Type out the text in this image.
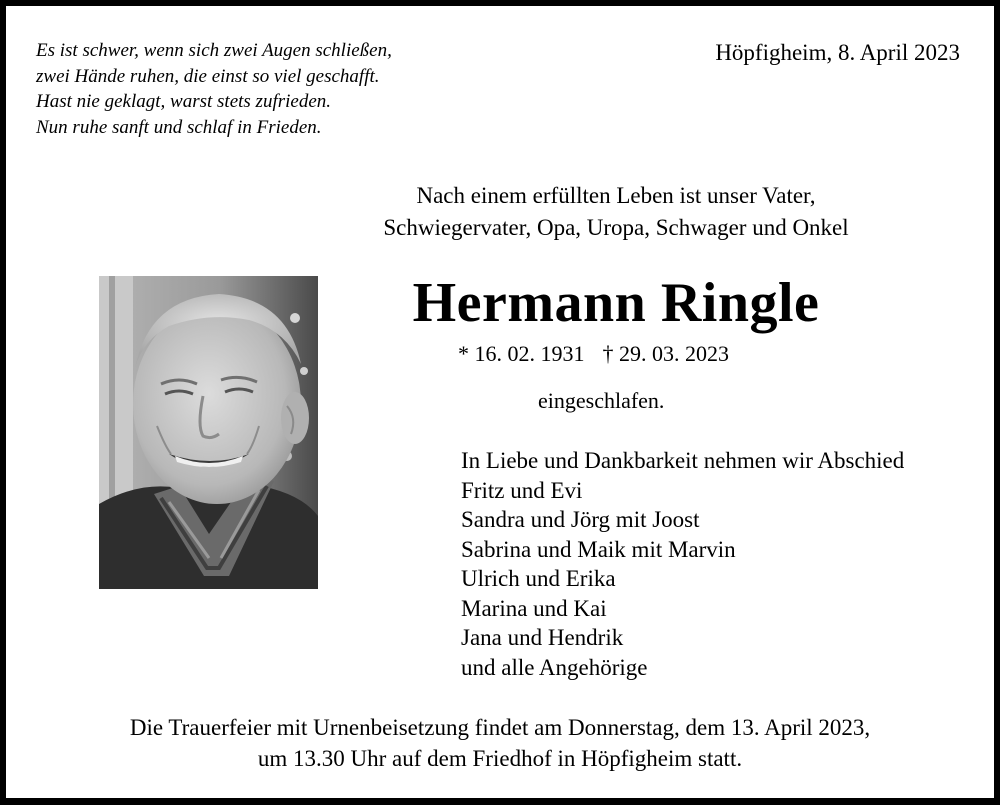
Es ist schwer, wenn sich zwei Augen schließen,
zwei Hände ruhen, die einst so viel geschafft.
Hast nie geklagt, warst stets zufrieden.
Nun ruhe sanft und schlaf in Frieden.
Höpfigheim, 8. April 2023
Nach einem erfüllten Leben ist unser Vater,
Schwiegervater, Opa, Uropa, Schwager und Onkel
Hermann Ringle
* 16. 02. 1931 † 29. 03. 2023
eingeschlafen.
In Liebe und Dankbarkeit nehmen wir Abschied
Fritz und Evi
Sandra und Jörg mit Joost
Sabrina und Maik mit Marvin
Ulrich und Erika
Marina und Kai
Jana und Hendrik
und alle Angehörige
Die Trauerfeier mit Urnenbeisetzung findet am Donnerstag, dem 13. April 2023,
um 13.30 Uhr auf dem Friedhof in Höpfigheim statt.
